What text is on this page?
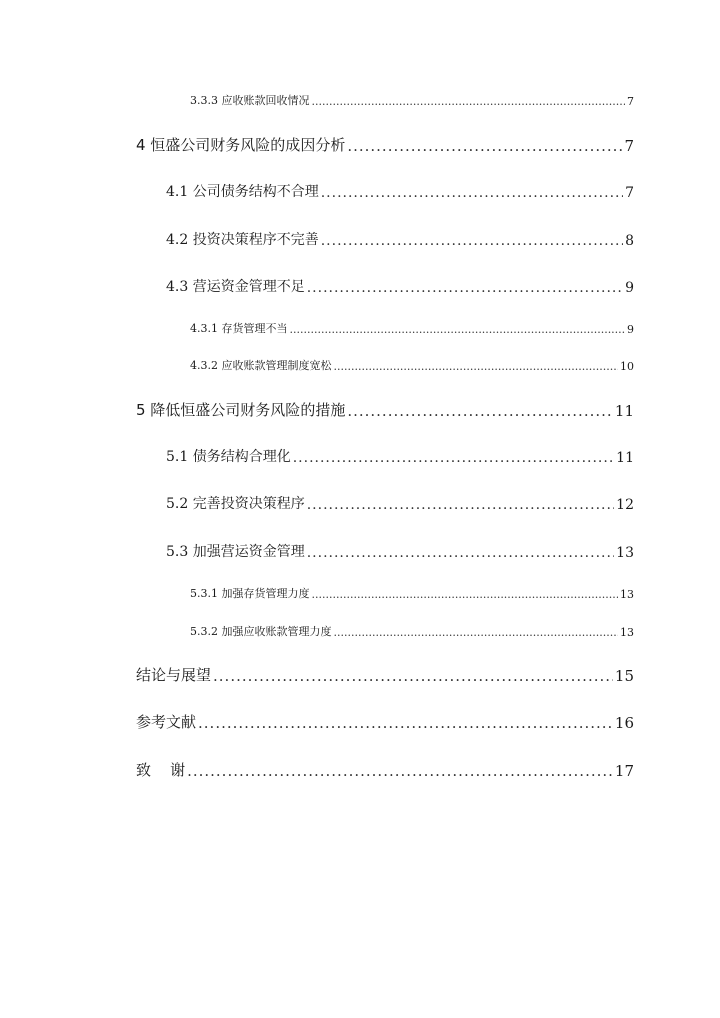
3.3.3 应收账款回收情况 .....	7
4 恒盛公司财务风险的成因分析 .....	7
4.1 公司债务结构不合理 .....	7
4.2 投资决策程序不完善 .....	8
4.3 营运资金管理不足 .....	9
4.3.1 存货管理不当 .....	9
4.3.2 应收账款管理制度宽松 .....	10
5 降低恒盛公司财务风险的措施 .....	11
5.1 债务结构合理化 .....	11
5.2 完善投资决策程序 .....	12
5.3 加强营运资金管理 .....	13
5.3.1 加强存货管理力度 .....	13
5.3.2 加强应收账款管理力度 .....	13
结论与展望 .....	15
参考文献 .....	16
致    谢 .....	17
